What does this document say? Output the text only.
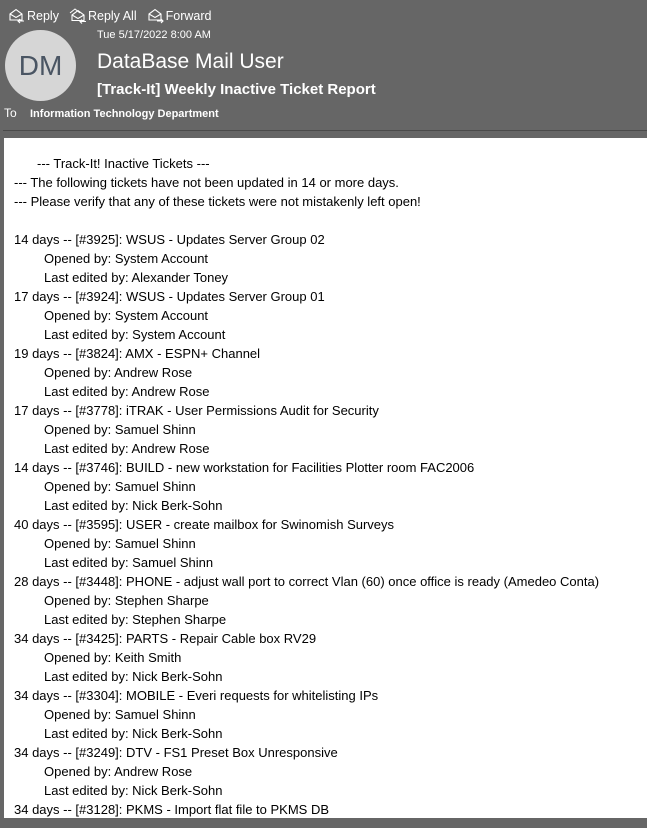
Reply Reply All Forward
DM
Tue 5/17/2022 8:00 AM
DataBase Mail User
[Track-It] Weekly Inactive Ticket Report
To	Information Technology Department
--- Track-It! Inactive Tickets ---
--- The following tickets have not been updated in 14 or more days.
--- Please verify that any of these tickets were not mistakenly left open!
14 days -- [#3925]: WSUS - Updates Server Group 02
Opened by: System Account
Last edited by: Alexander Toney
17 days -- [#3924]: WSUS - Updates Server Group 01
Opened by: System Account
Last edited by: System Account
19 days -- [#3824]: AMX - ESPN+ Channel
Opened by: Andrew Rose
Last edited by: Andrew Rose
17 days -- [#3778]: iTRAK - User Permissions Audit for Security
Opened by: Samuel Shinn
Last edited by: Andrew Rose
14 days -- [#3746]: BUILD - new workstation for Facilities Plotter room FAC2006
Opened by: Samuel Shinn
Last edited by: Nick Berk-Sohn
40 days -- [#3595]: USER - create mailbox for Swinomish Surveys
Opened by: Samuel Shinn
Last edited by: Samuel Shinn
28 days -- [#3448]: PHONE - adjust wall port to correct Vlan (60) once office is ready (Amedeo Conta)
Opened by: Stephen Sharpe
Last edited by: Stephen Sharpe
34 days -- [#3425]: PARTS - Repair Cable box RV29
Opened by: Keith Smith
Last edited by: Nick Berk-Sohn
34 days -- [#3304]: MOBILE - Everi requests for whitelisting IPs
Opened by: Samuel Shinn
Last edited by: Nick Berk-Sohn
34 days -- [#3249]: DTV - FS1 Preset Box Unresponsive
Opened by: Andrew Rose
Last edited by: Nick Berk-Sohn
34 days -- [#3128]: PKMS - Import flat file to PKMS DB
